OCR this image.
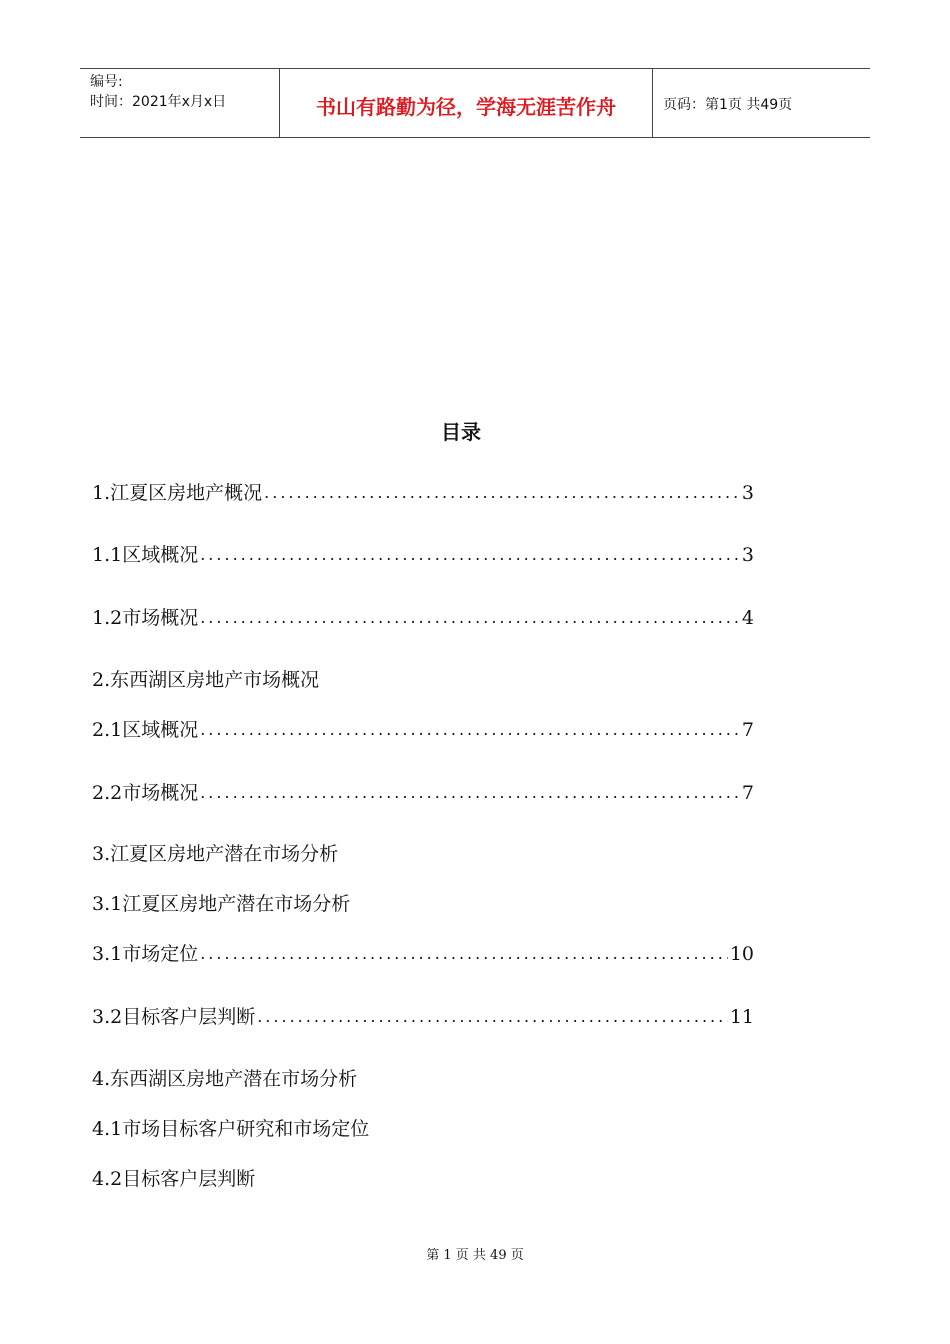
编号:
时间：2021年x月x日	书山有路勤为径，学海无涯苦作舟	页码：第1页 共49页
目录
1.江夏区房地产概况 .....	3
1.1区域概况 .....	3
1.2市场概况 .....	4
2.东西湖区房地产市场概况
2.1区域概况 .....	7
2.2市场概况 .....	7
3.江夏区房地产潜在市场分析
3.1江夏区房地产潜在市场分析
3.1市场定位 .....	10
3.2目标客户层判断 .....	11
4.东西湖区房地产潜在市场分析
4.1市场目标客户研究和市场定位
4.2目标客户层判断
第 1 页 共 49 页
